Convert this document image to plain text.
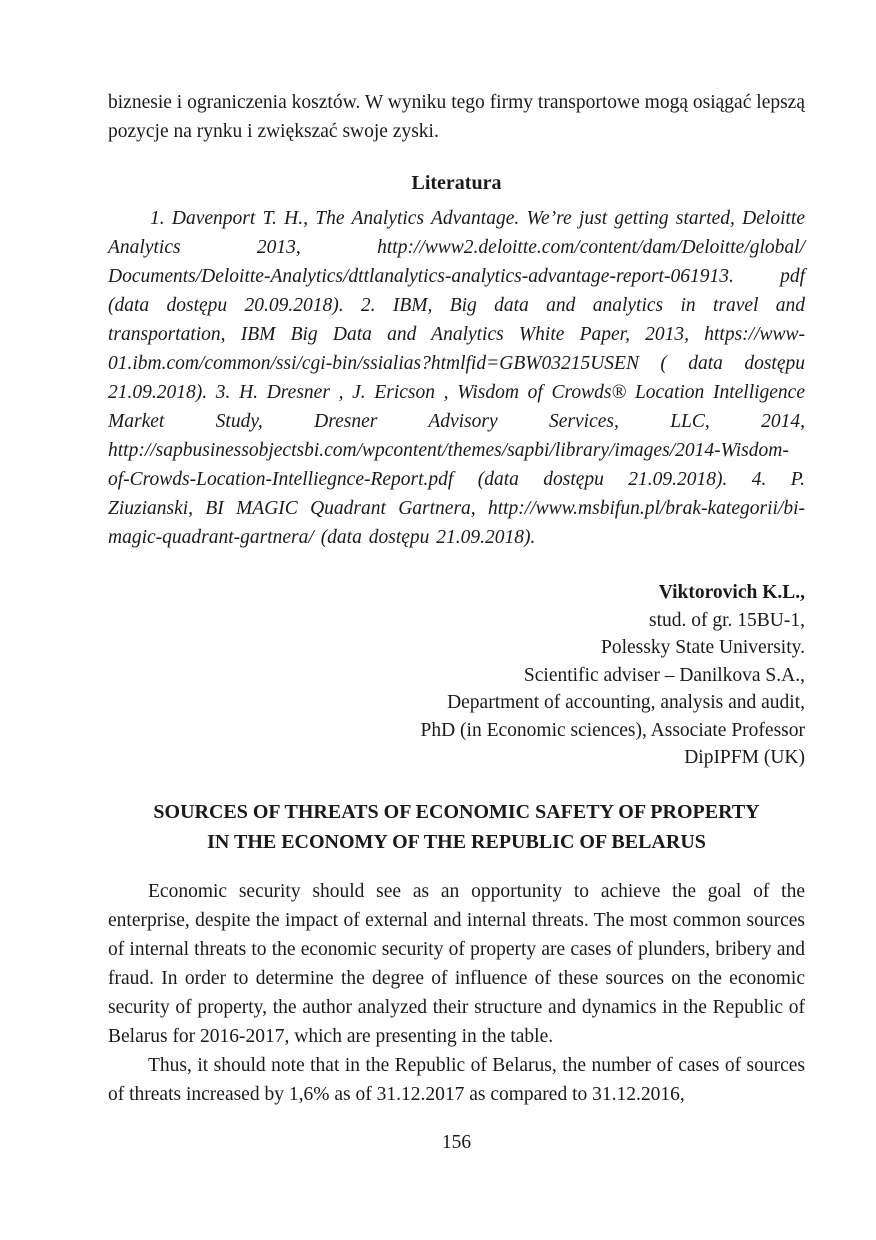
biznesie i ograniczenia kosztów. W wyniku tego firmy transportowe mogą osiągać lepszą pozycje na rynku i zwiększać swoje zyski.

Literatura

1. Davenport T. H., The Analytics Advantage. We’re just getting started, Deloitte Analytics 2013, http://www2.deloitte.com/content/dam/Deloitte/global/ Documents/Deloitte-Analytics/dttlanalytics-analytics-advantage-report-061913. pdf (data dostępu 20.09.2018). 2. IBM, Big data and analytics in travel and transportation, IBM Big Data and Analytics White Paper, 2013, https://www-01.ibm.com/common/ssi/cgi-bin/ssialias?htmlfid=GBW03215USEN ( data dostępu 21.09.2018). 3. H. Dresner , J. Ericson , Wisdom of Crowds® Location Intelligence Market Study, Dresner Advisory Services, LLC, 2014, http://sapbusinessobjectsbi.com/wpcontent/themes/sapbi/library/images/2014-Wisdom-of-Crowds-Location-Intelliegnce-Report.pdf (data dostępu 21.09.2018). 4. P. Ziuzianski, BI MAGIC Quadrant Gartnera, http://www.msbifun.pl/brak-kategorii/bi-magic-quadrant-gartnera/ (data dostępu 21.09.2018).

Viktorovich K.L.,
stud. of gr. 15BU-1,
Polessky State University.
Scientific adviser – Danilkova S.A.,
Department of accounting, analysis and audit,
PhD (in Economic sciences), Associate Professor
DipIPFM (UK)
SOURCES OF THREATS OF ECONOMIC SAFETY OF PROPERTY
IN THE ECONOMY OF THE REPUBLIC OF BELARUS

Economic security should see as an opportunity to achieve the goal of the enterprise, despite the impact of external and internal threats. The most common sources of internal threats to the economic security of property are cases of plunders, bribery and fraud. In order to determine the degree of influence of these sources on the economic security of property, the author analyzed their structure and dynamics in the Republic of Belarus for 2016-2017, which are presenting in the table.

Thus, it should note that in the Republic of Belarus, the number of cases of sources of threats increased by 1,6% as of 31.12.2017 as compared to 31.12.2016,

156
